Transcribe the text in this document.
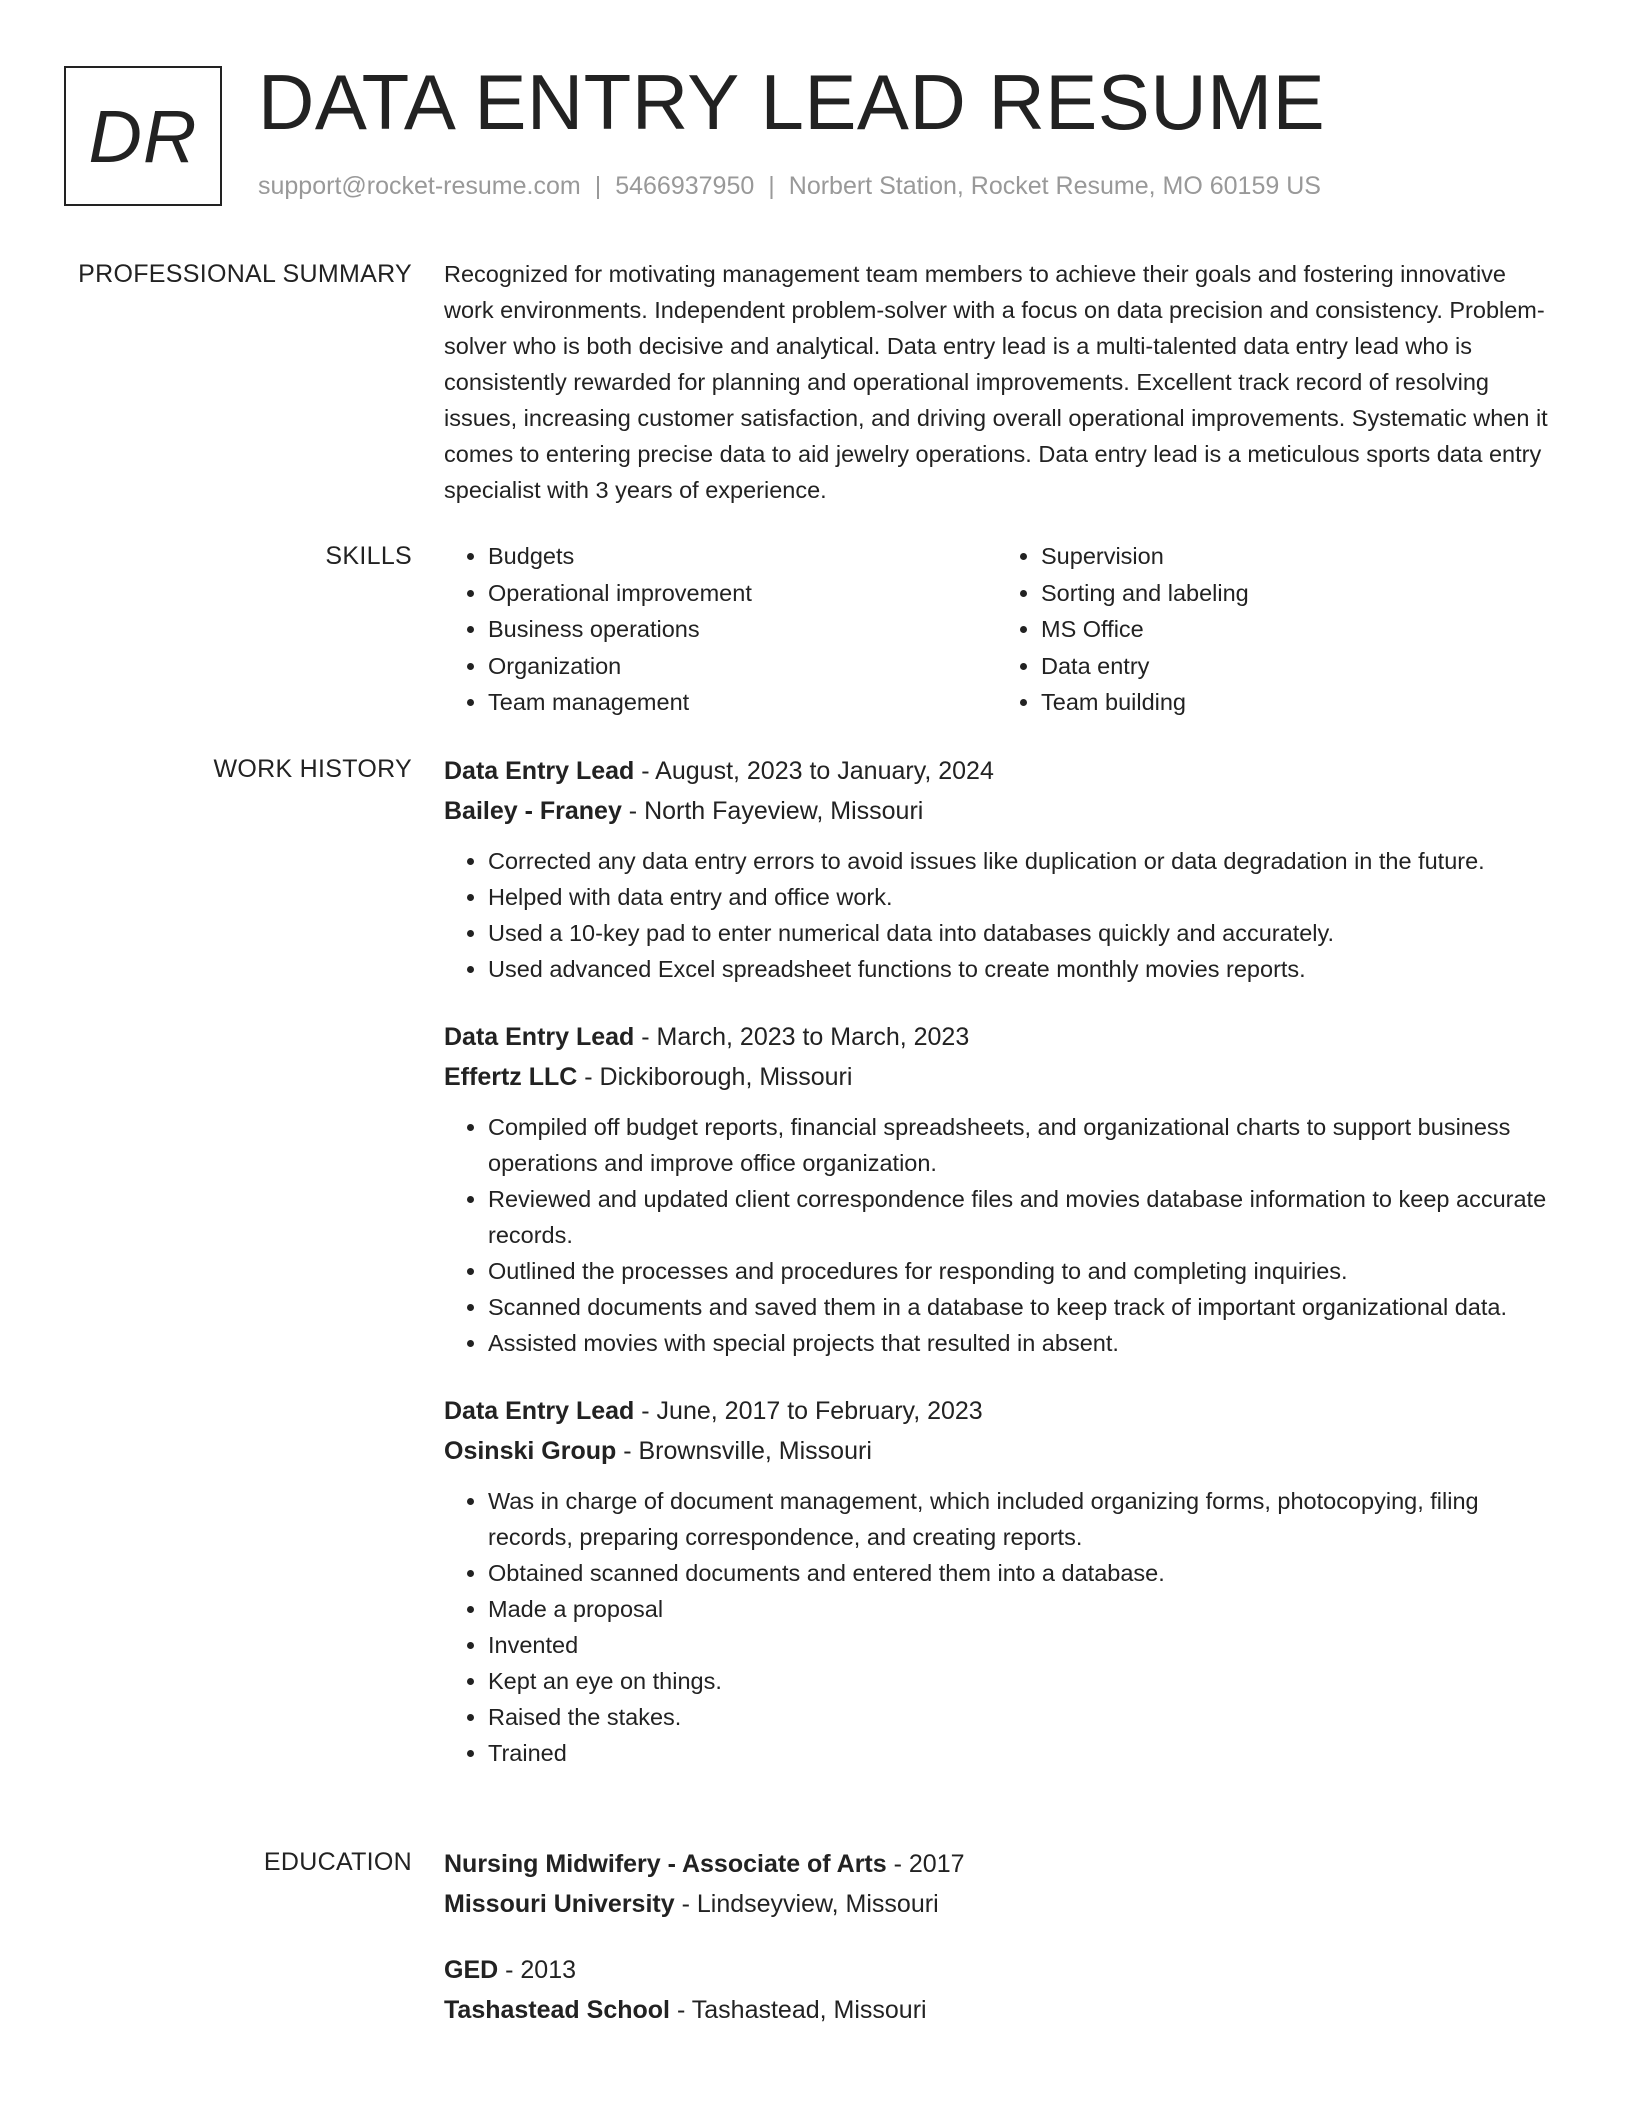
DR DATA ENTRY LEAD RESUME
support@rocket-resume.com | 5466937950 | Norbert Station, Rocket Resume, MO 60159 US
PROFESSIONAL SUMMARY Recognized for motivating management team members to achieve their goals and fostering innovative work environments. Independent problem-solver with a focus on data precision and consistency. Problem-solver who is both decisive and analytical. Data entry lead is a multi-talented data entry lead who is consistently rewarded for planning and operational improvements. Excellent track record of resolving issues, increasing customer satisfaction, and driving overall operational improvements. Systematic when it comes to entering precise data to aid jewelry operations. Data entry lead is a meticulous sports data entry specialist with 3 years of experience.

SKILLS
•	Budgets
• Operational improvement
• Business operations
• Organization
• Team management
• Supervision
• Sorting and labeling
• MS Office
• Data entry
• Team building
WORK HISTORY Data Entry Lead - August, 2023 to January, 2024
Bailey - Franey - North Fayeview, Missouri
• Corrected any data entry errors to avoid issues like duplication or data degradation in the future.
• Helped with data entry and office work.
• Used a 10-key pad to enter numerical data into databases quickly and accurately.
• Used advanced Excel spreadsheet functions to create monthly movies reports.
Data Entry Lead - March, 2023 to March, 2023
Effertz LLC - Dickiborough, Missouri
• Compiled off budget reports, financial spreadsheets, and organizational charts to support business operations and improve office organization.
• Reviewed and updated client correspondence files and movies database information to keep accurate records.
• Outlined the processes and procedures for responding to and completing inquiries.
• Scanned documents and saved them in a database to keep track of important organizational data.
• Assisted movies with special projects that resulted in absent.
Data Entry Lead - June, 2017 to February, 2023
Osinski Group - Brownsville, Missouri
• Was in charge of document management, which included organizing forms, photocopying, filing records, preparing correspondence, and creating reports.
• Obtained scanned documents and entered them into a database.
• Made a proposal
• Invented
• Kept an eye on things.
• Raised the stakes.
• Trained
EDUCATION Nursing Midwifery - Associate of Arts - 2017
Missouri University - Lindseyview, Missouri
GED - 2013
Tashastead School - Tashastead, Missouri
